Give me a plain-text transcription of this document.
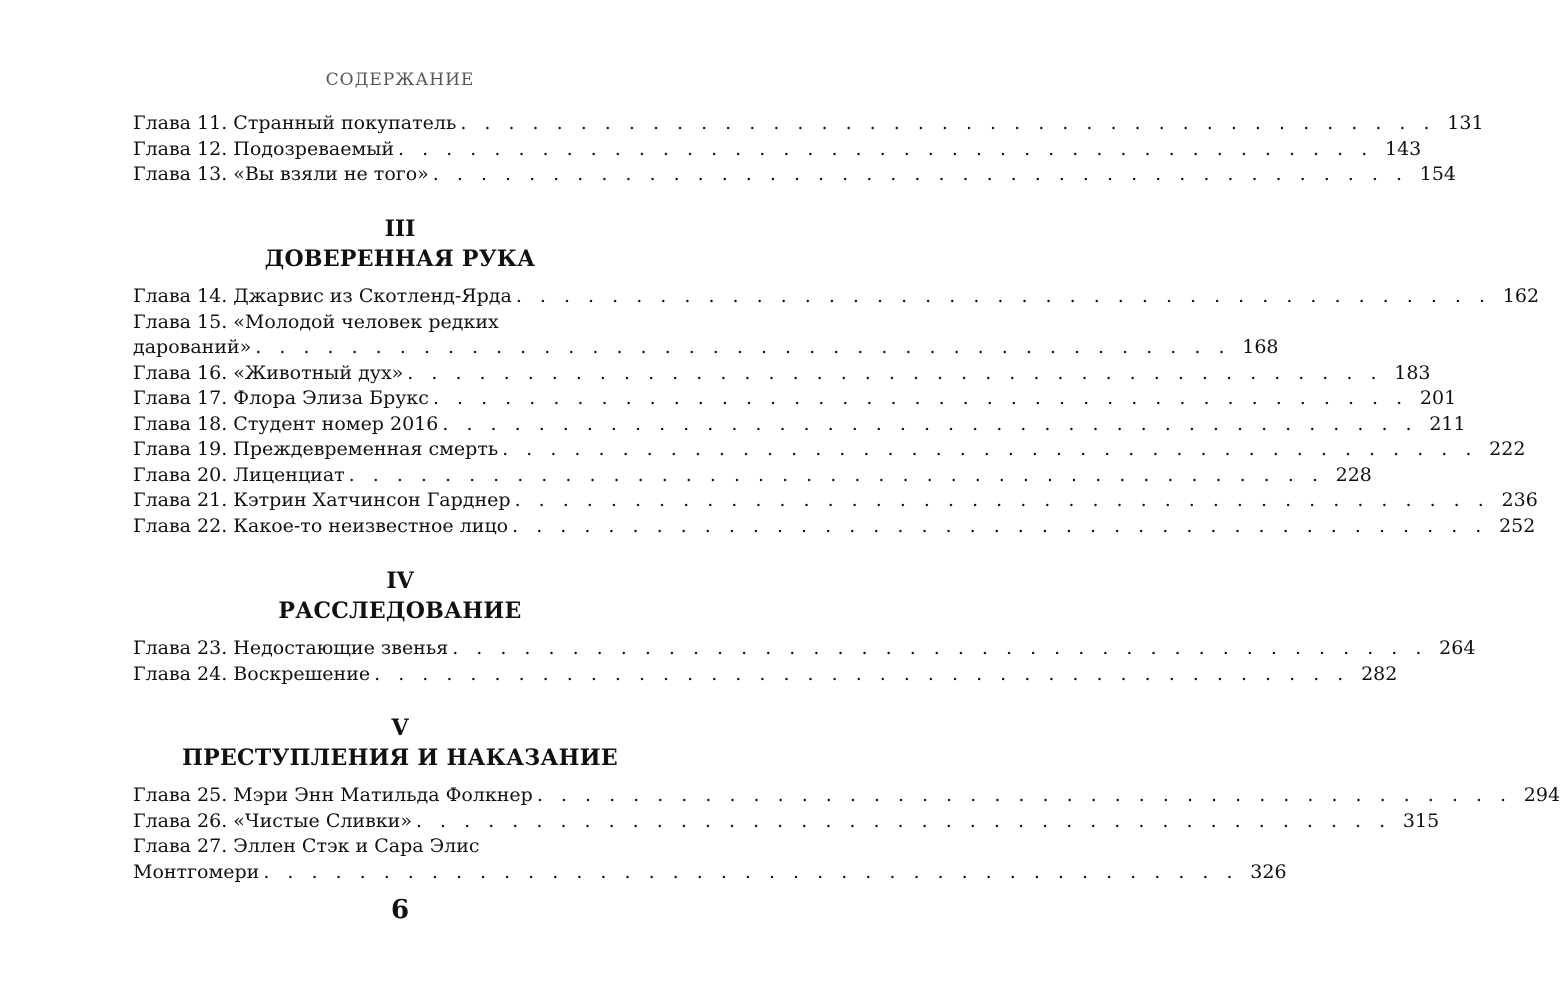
СОДЕРЖАНИЕ
Глава 11. Странный покупатель . . . . . . . . . . . . . . . . . . . . . . . . . . . . . . . . . . . . . . . . . 131
Глава 12. Подозреваемый . . . . . . . . . . . . . . . . . . . . . . . . . . . . . . . . . . . . . . . . . 143
Глава 13. «Вы взяли не того» . . . . . . . . . . . . . . . . . . . . . . . . . . . . . . . . . . . . . . . . . 154
III
ДОВЕРЕННАЯ РУКА
Глава 14. Джарвис из Скотленд-Ярда . . . . . . . . . . . . . . . . . . . . . . . . . . . . . . . . . . . . . . . . . 162
Глава 15. «Молодой человек редких
дарований» . . . . . . . . . . . . . . . . . . . . . . . . . . . . . . . . . . . . . . . . . 168
Глава 16. «Животный дух» . . . . . . . . . . . . . . . . . . . . . . . . . . . . . . . . . . . . . . . . . 183
Глава 17. Флора Элиза Брукс . . . . . . . . . . . . . . . . . . . . . . . . . . . . . . . . . . . . . . . . . 201
Глава 18. Студент номер 2016 . . . . . . . . . . . . . . . . . . . . . . . . . . . . . . . . . . . . . . . . . 211
Глава 19. Преждевременная смерть . . . . . . . . . . . . . . . . . . . . . . . . . . . . . . . . . . . . . . . . . 222
Глава 20. Лиценциат . . . . . . . . . . . . . . . . . . . . . . . . . . . . . . . . . . . . . . . . . 228
Глава 21. Кэтрин Хатчинсон Гарднер . . . . . . . . . . . . . . . . . . . . . . . . . . . . . . . . . . . . . . . . . 236
Глава 22. Какое-то неизвестное лицо . . . . . . . . . . . . . . . . . . . . . . . . . . . . . . . . . . . . . . . . . 252
IV
РАССЛЕДОВАНИЕ
Глава 23. Недостающие звенья . . . . . . . . . . . . . . . . . . . . . . . . . . . . . . . . . . . . . . . . . 264
Глава 24. Воскрешение . . . . . . . . . . . . . . . . . . . . . . . . . . . . . . . . . . . . . . . . . 282
V
ПРЕСТУПЛЕНИЯ И НАКАЗАНИЕ
Глава 25. Мэри Энн Матильда Фолкнер . . . . . . . . . . . . . . . . . . . . . . . . . . . . . . . . . . . . . . . . . 294
Глава 26. «Чистые Сливки» . . . . . . . . . . . . . . . . . . . . . . . . . . . . . . . . . . . . . . . . . 315
Глава 27. Эллен Стэк и Сара Элис
Монтгомери . . . . . . . . . . . . . . . . . . . . . . . . . . . . . . . . . . . . . . . . . 326
6
